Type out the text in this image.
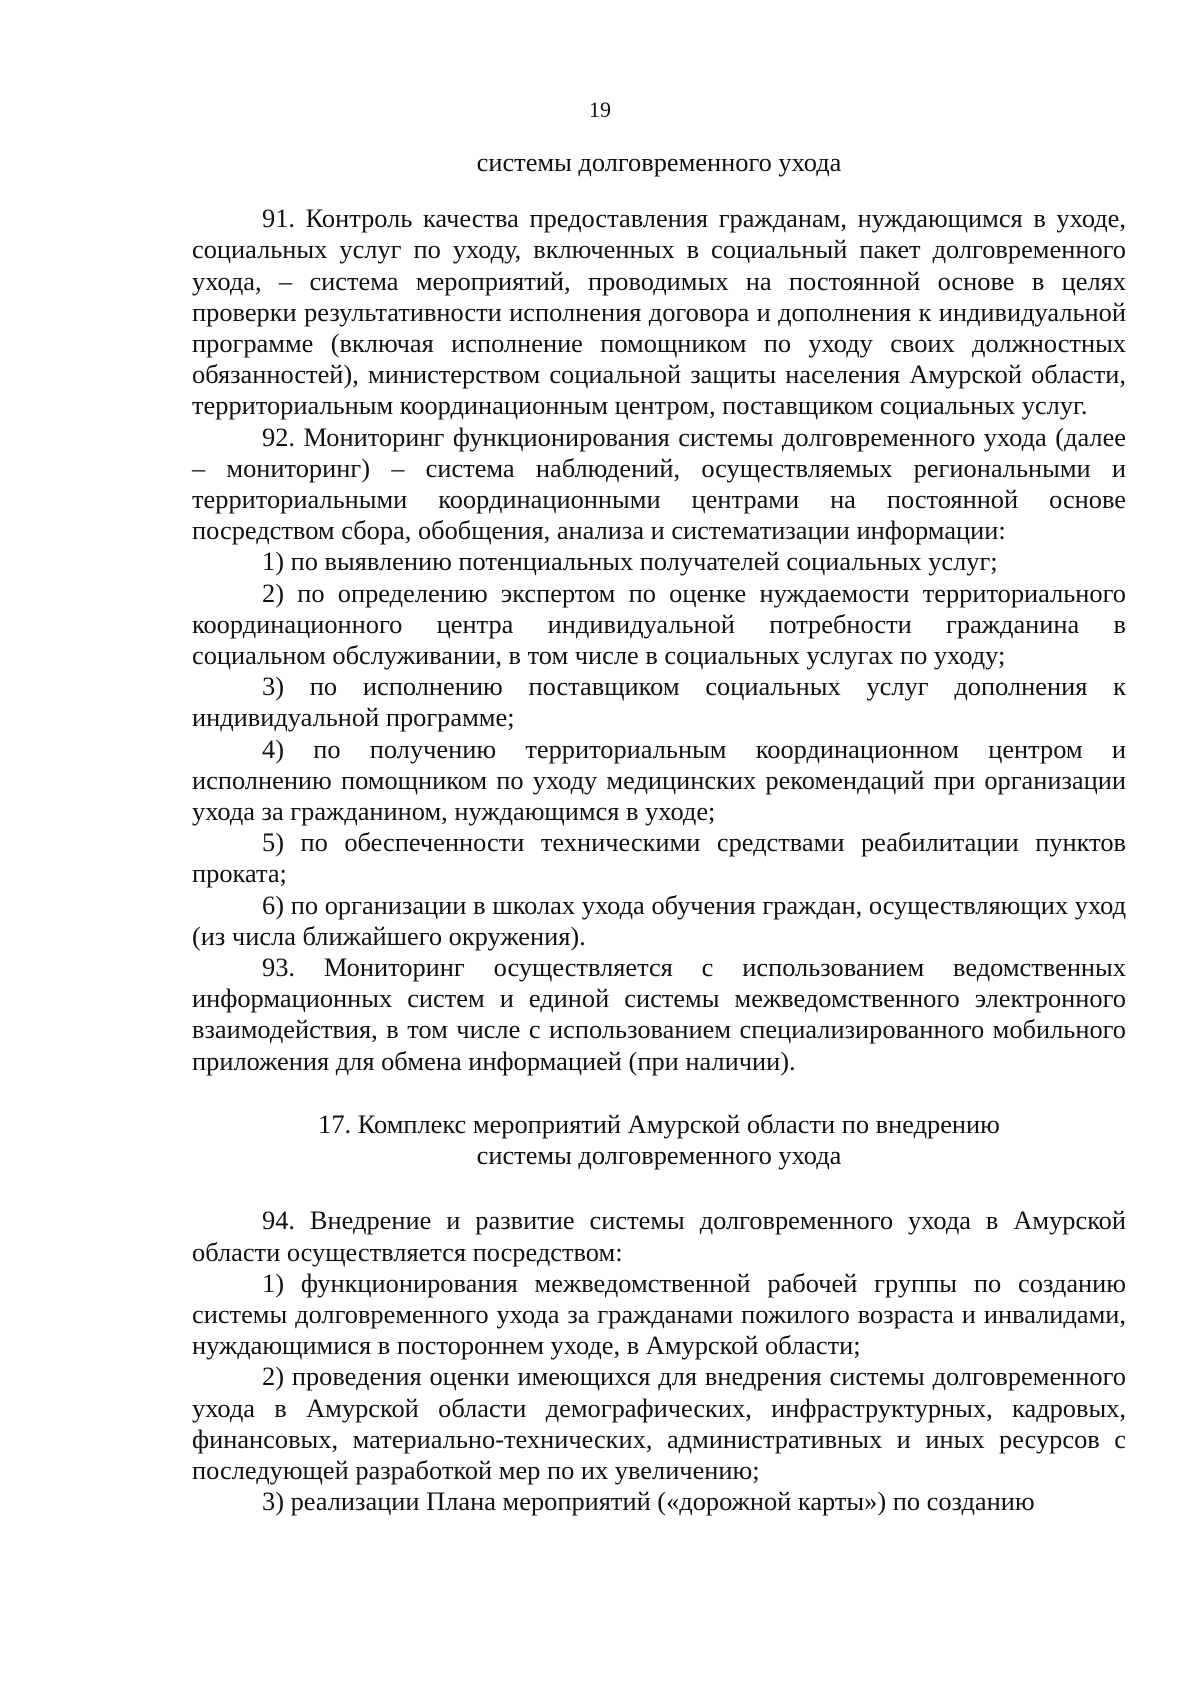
19

системы долговременного ухода

91. Контроль качества предоставления гражданам, нуждающимся в уходе, социальных услуг по уходу, включенных в социальный пакет долговременного ухода, – система мероприятий, проводимых на постоянной основе в целях проверки результативности исполнения договора и дополнения к индивидуальной программе (включая исполнение помощником по уходу своих должностных обязанностей), министерством социальной защиты населения Амурской области, территориальным координационным центром, поставщиком социальных услуг.

92. Мониторинг функционирования системы долговременного ухода (далее – мониторинг) – система наблюдений, осуществляемых региональными и территориальными координационными центрами на постоянной основе посредством сбора, обобщения, анализа и систематизации информации:

1) по выявлению потенциальных получателей социальных услуг;

2) по определению экспертом по оценке нуждаемости территориального координационного центра индивидуальной потребности гражданина в социальном обслуживании, в том числе в социальных услугах по уходу;

3) по исполнению поставщиком социальных услуг дополнения к индивидуальной программе;

4) по получению территориальным координационном центром и исполнению помощником по уходу медицинских рекомендаций при организации ухода за гражданином, нуждающимся в уходе;

5) по обеспеченности техническими средствами реабилитации пунктов проката;

6) по организации в школах ухода обучения граждан, осуществляющих уход (из числа ближайшего окружения).

93. Мониторинг осуществляется с использованием ведомственных информационных систем и единой системы межведомственного электронного взаимодействия, в том числе с использованием специализированного мобильного приложения для обмена информацией (при наличии).

17. Комплекс мероприятий Амурской области по внедрению

системы долговременного ухода

94. Внедрение и развитие системы долговременного ухода в Амурской области осуществляется посредством:

1) функционирования межведомственной рабочей группы по созданию системы долговременного ухода за гражданами пожилого возраста и инвалидами, нуждающимися в постороннем уходе, в Амурской области;

2) проведения оценки имеющихся для внедрения системы долговременного ухода в Амурской области демографических, инфраструктурных, кадровых, финансовых, материально-технических, административных и иных ресурсов с последующей разработкой мер по их увеличению;

3) реализации Плана мероприятий («дорожной карты») по созданию
